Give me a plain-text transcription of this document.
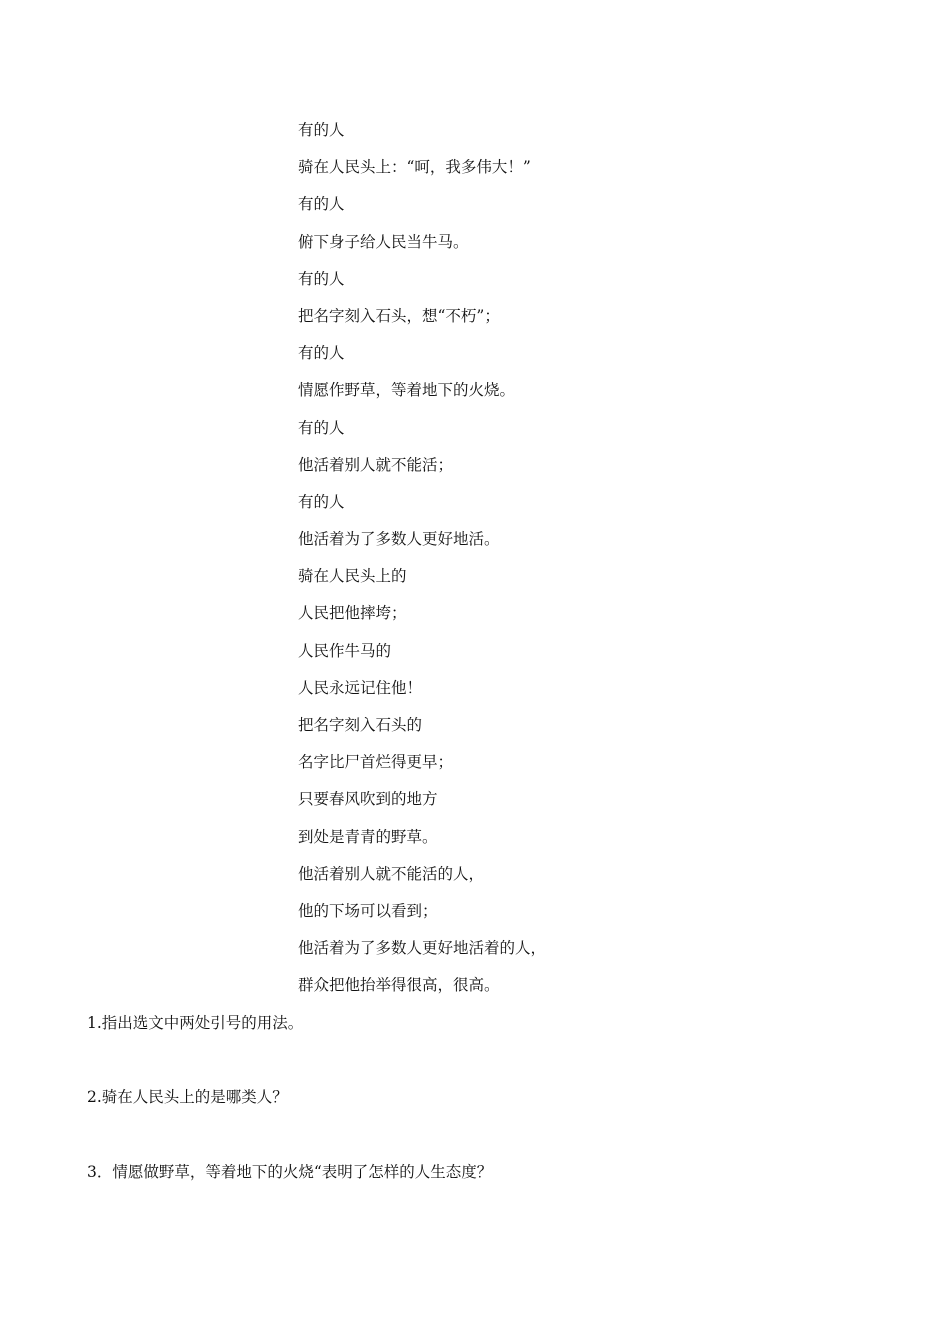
有的人
骑在人民头上：“呵，我多伟大！”
有的人
俯下身子给人民当牛马。
有的人
把名字刻入石头，想“不朽”；
有的人
情愿作野草，等着地下的火烧。
有的人
他活着别人就不能活；
有的人
他活着为了多数人更好地活。
骑在人民头上的
人民把他摔垮；
人民作牛马的
人民永远记住他！
把名字刻入石头的
名字比尸首烂得更早；
只要春风吹到的地方
到处是青青的野草。
他活着别人就不能活的人，
他的下场可以看到；
他活着为了多数人更好地活着的人，
群众把他抬举得很高，很高。
1.指出选文中两处引号的用法。
2.骑在人民头上的是哪类人？
3．情愿做野草，等着地下的火烧“表明了怎样的人生态度？
